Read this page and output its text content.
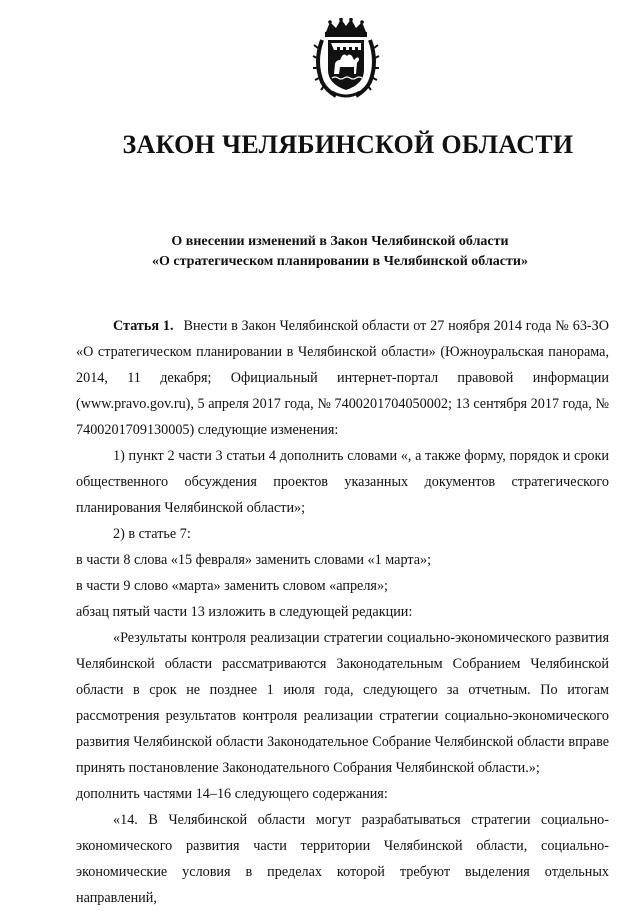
ЗАКОН ЧЕЛЯБИНСКОЙ ОБЛАСТИ
О внесении изменений в Закон Челябинской области
«О стратегическом планировании в Челябинской области»

Статья 1. Внести в Закон Челябинской области от 27 ноября 2014 года № 63-ЗО «О стратегическом планировании в Челябинской области» (Южноуральская панорама, 2014, 11 декабря; Официальный интернет-портал правовой информации (www.pravo.gov.ru), 5 апреля 2017 года, № 7400201704050002; 13 сентября 2017 года, № 7400201709130005) следующие изменения:

1) пункт 2 части 3 статьи 4 дополнить словами «, а также форму, порядок и сроки общественного обсуждения проектов указанных документов стратегического планирования Челябинской области»;

2) в статье 7:

в части 8 слова «15 февраля» заменить словами «1 марта»;

в части 9 слово «марта» заменить словом «апреля»;

абзац пятый части 13 изложить в следующей редакции:

«Результаты контроля реализации стратегии социально-экономического развития Челябинской области рассматриваются Законодательным Собранием Челябинской области в срок не позднее 1 июля года, следующего за отчетным. По итогам рассмотрения результатов контроля реализации стратегии социально-экономического развития Челябинской области Законодательное Собрание Челябинской области вправе принять постановление Законодательного Собрания Челябинской области.»;

дополнить частями 14–16 следующего содержания:

«14. В Челябинской области могут разрабатываться стратегии социально-экономического развития части территории Челябинской области, социально-экономические условия в пределах которой требуют выделения отдельных направлений,
